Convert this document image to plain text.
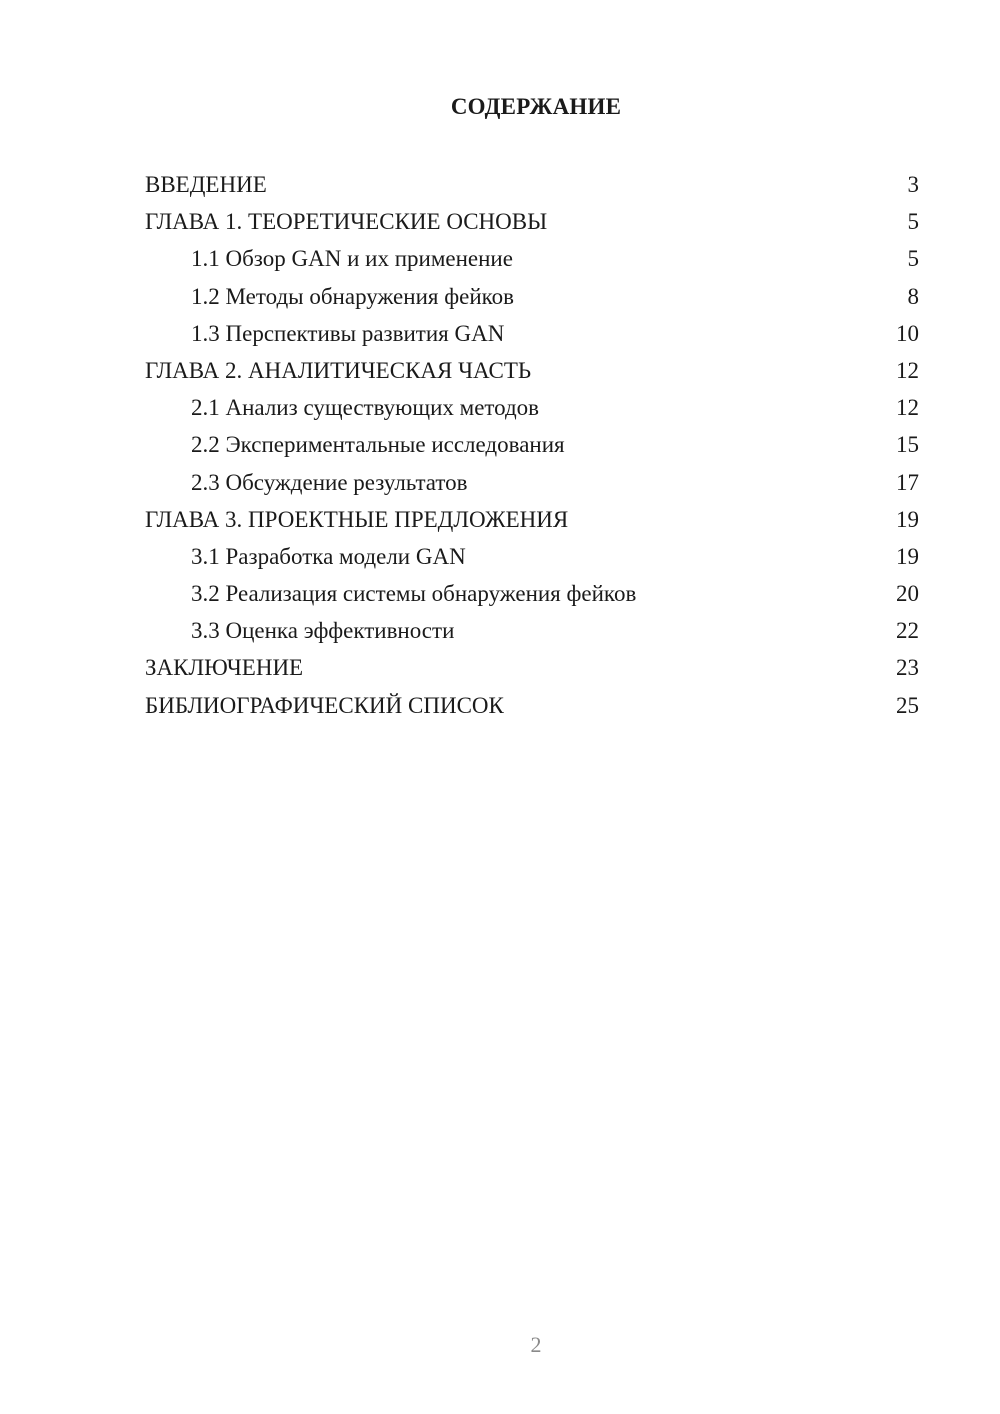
СОДЕРЖАНИЕ
ВВЕДЕНИЕ	3
ГЛАВА 1. ТЕОРЕТИЧЕСКИЕ ОСНОВЫ	5
1.1 Обзор GAN и их применение	5
1.2 Методы обнаружения фейков	8
1.3 Перспективы развития GAN	10
ГЛАВА 2. АНАЛИТИЧЕСКАЯ ЧАСТЬ	12
2.1 Анализ существующих методов	12
2.2 Экспериментальные исследования	15
2.3 Обсуждение результатов	17
ГЛАВА 3. ПРОЕКТНЫЕ ПРЕДЛОЖЕНИЯ	19
3.1 Разработка модели GAN	19
3.2 Реализация системы обнаружения фейков	20
3.3 Оценка эффективности	22
ЗАКЛЮЧЕНИЕ	23
БИБЛИОГРАФИЧЕСКИЙ СПИСОК	25
2
